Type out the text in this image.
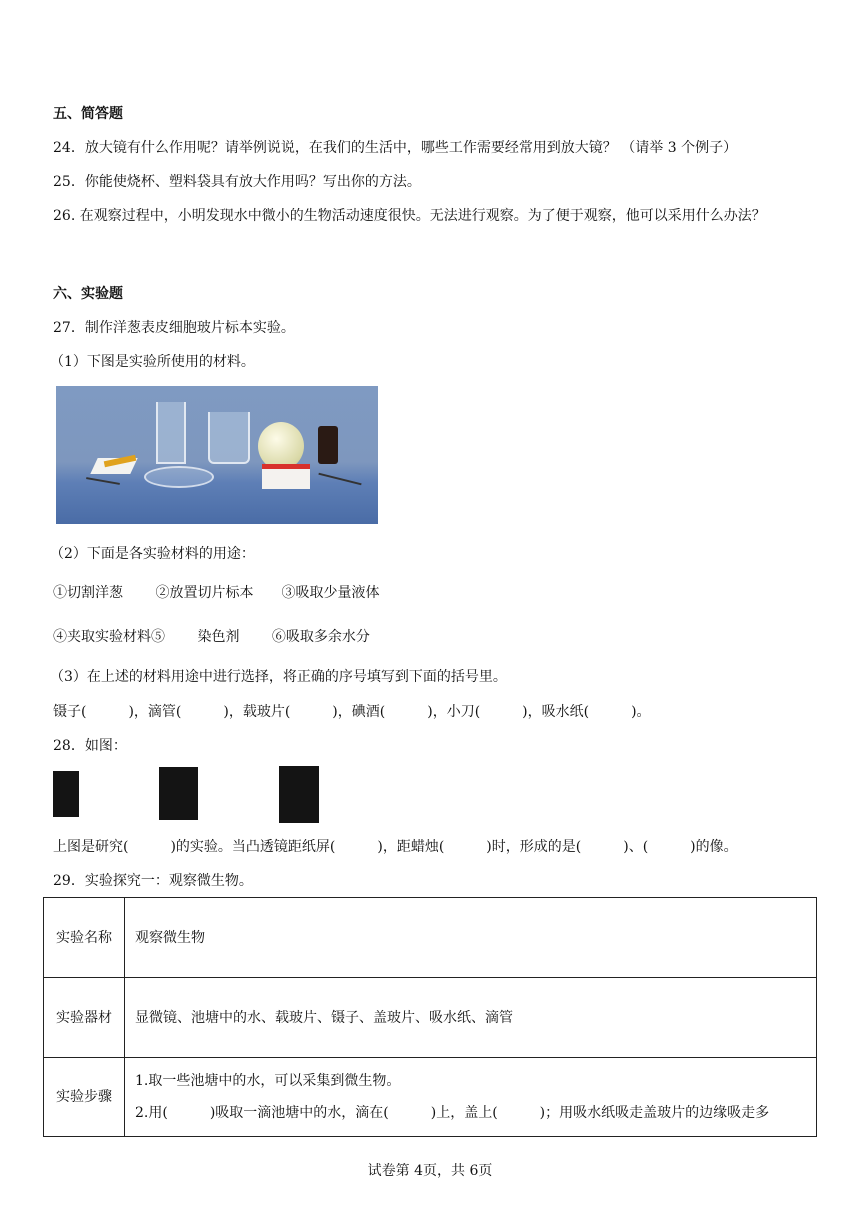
五、简答题
24．放大镜有什么作用呢？请举例说说，在我们的生活中，哪些工作需要经常用到放大镜？ （请举 3 个例子）
25．你能使烧杯、塑料袋具有放大作用吗？写出你的方法。
26. 在观察过程中，小明发现水中微小的生物活动速度很快。无法进行观察。为了便于观察，他可以采用什么办法？
六、实验题
27．制作洋葱表皮细胞玻片标本实验。
（1）下图是实验所使用的材料。
（2）下面是各实验材料的用途：
①切割洋葱　　 ②放置切片标本　　③吸取少量液体
④夹取实验材料⑤　　 染色剂　　 ⑥吸取多余水分
（3）在上述的材料用途中进行选择，将正确的序号填写到下面的括号里。
镊子(　　　)，滴管(　　　)，载玻片(　　　)，碘酒(　　　)，小刀(　　　)，吸水纸(　　　)。
28．如图：
上图是研究(　　　)的实验。当凸透镜距纸屏(　　　)，距蜡烛(　　　)时，形成的是(　　　)、(　　　)的像。
29．实验探究一：观察微生物。
实验名称	观察微生物
实验器材	显微镜、池塘中的水、载玻片、镊子、盖玻片、吸水纸、滴管
实验步骤	1.取一些池塘中的水，可以采集到微生物。
2.用(　　　)吸取一滴池塘中的水，滴在(　　　)上，盖上(　　　)；用吸水纸吸走盖玻片的边缘吸走多
试卷第 4页，共 6页
